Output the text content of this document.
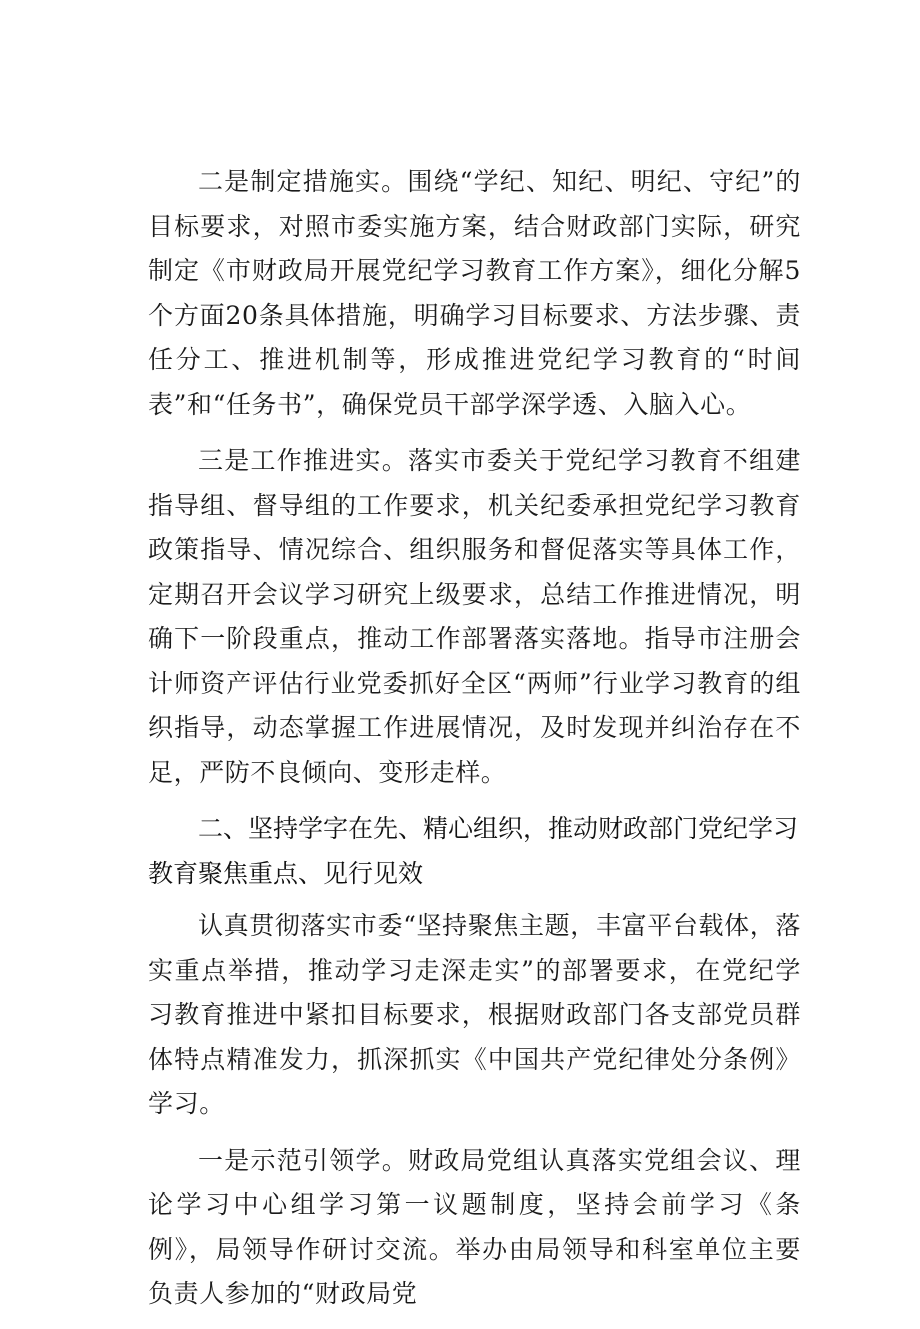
二是制定措施实。围绕“学纪、知纪、明纪、守纪”的目标要求，对照市委实施方案，结合财政部门实际，研究制定《市财政局开展党纪学习教育工作方案》，细化分解5个方面20条具体措施，明确学习目标要求、方法步骤、责任分工、推进机制等，形成推进党纪学习教育的“时间表”和“任务书”，确保党员干部学深学透、入脑入心。

三是工作推进实。落实市委关于党纪学习教育不组建指导组、督导组的工作要求，机关纪委承担党纪学习教育政策指导、情况综合、组织服务和督促落实等具体工作，定期召开会议学习研究上级要求，总结工作推进情况，明确下一阶段重点，推动工作部署落实落地。指导市注册会计师资产评估行业党委抓好全区“两师”行业学习教育的组织指导，动态掌握工作进展情况，及时发现并纠治存在不足，严防不良倾向、变形走样。

二、坚持学字在先、精心组织，推动财政部门党纪学习教育聚焦重点、见行见效

认真贯彻落实市委“坚持聚焦主题，丰富平台载体，落实重点举措，推动学习走深走实”的部署要求，在党纪学习教育推进中紧扣目标要求，根据财政部门各支部党员群体特点精准发力，抓深抓实《中国共产党纪律处分条例》学习。

一是示范引领学。财政局党组认真落实党组会议、理论学习中心组学习第一议题制度，坚持会前学习《条例》，局领导作研讨交流。举办由局领导和科室单位主要负责人参加的“财政局党
